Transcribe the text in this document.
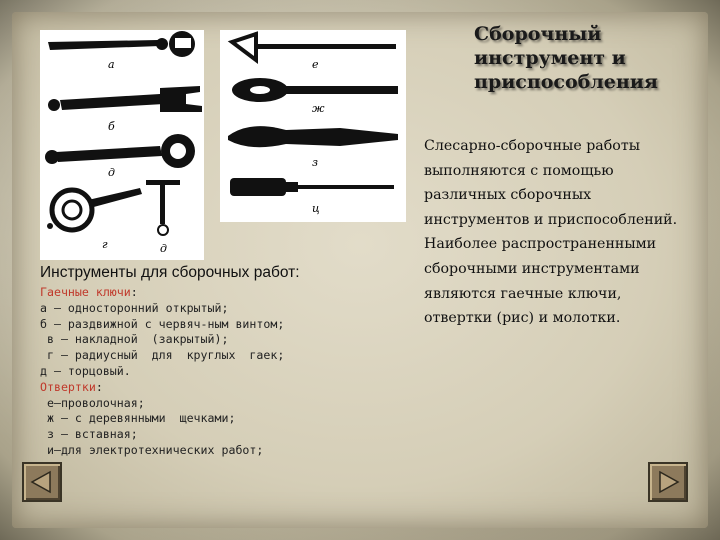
а
б
д
г	д
е
ж
з
ц
Сборочный
инструмент и
приспособления
Слесарно-сборочные работы
выполняются с помощью
различных сборочных
инструментов и приспособлений.
Наиболее распространенными
сборочными инструментами
являются гаечные ключи,
отвертки (рис) и молотки.
Инструменты для сборочных работ:
Гаечные ключи:
а — односторонний открытый;
б — раздвижной с червяч-ным винтом;
в — накладной  (закрытый);
г — радиусный  для  круглых  гаек;
д — торцовый.
Отвертки:
е—проволочная;
ж — с деревянными  щечками;
з — вставная;
и—для электротехнических работ;
